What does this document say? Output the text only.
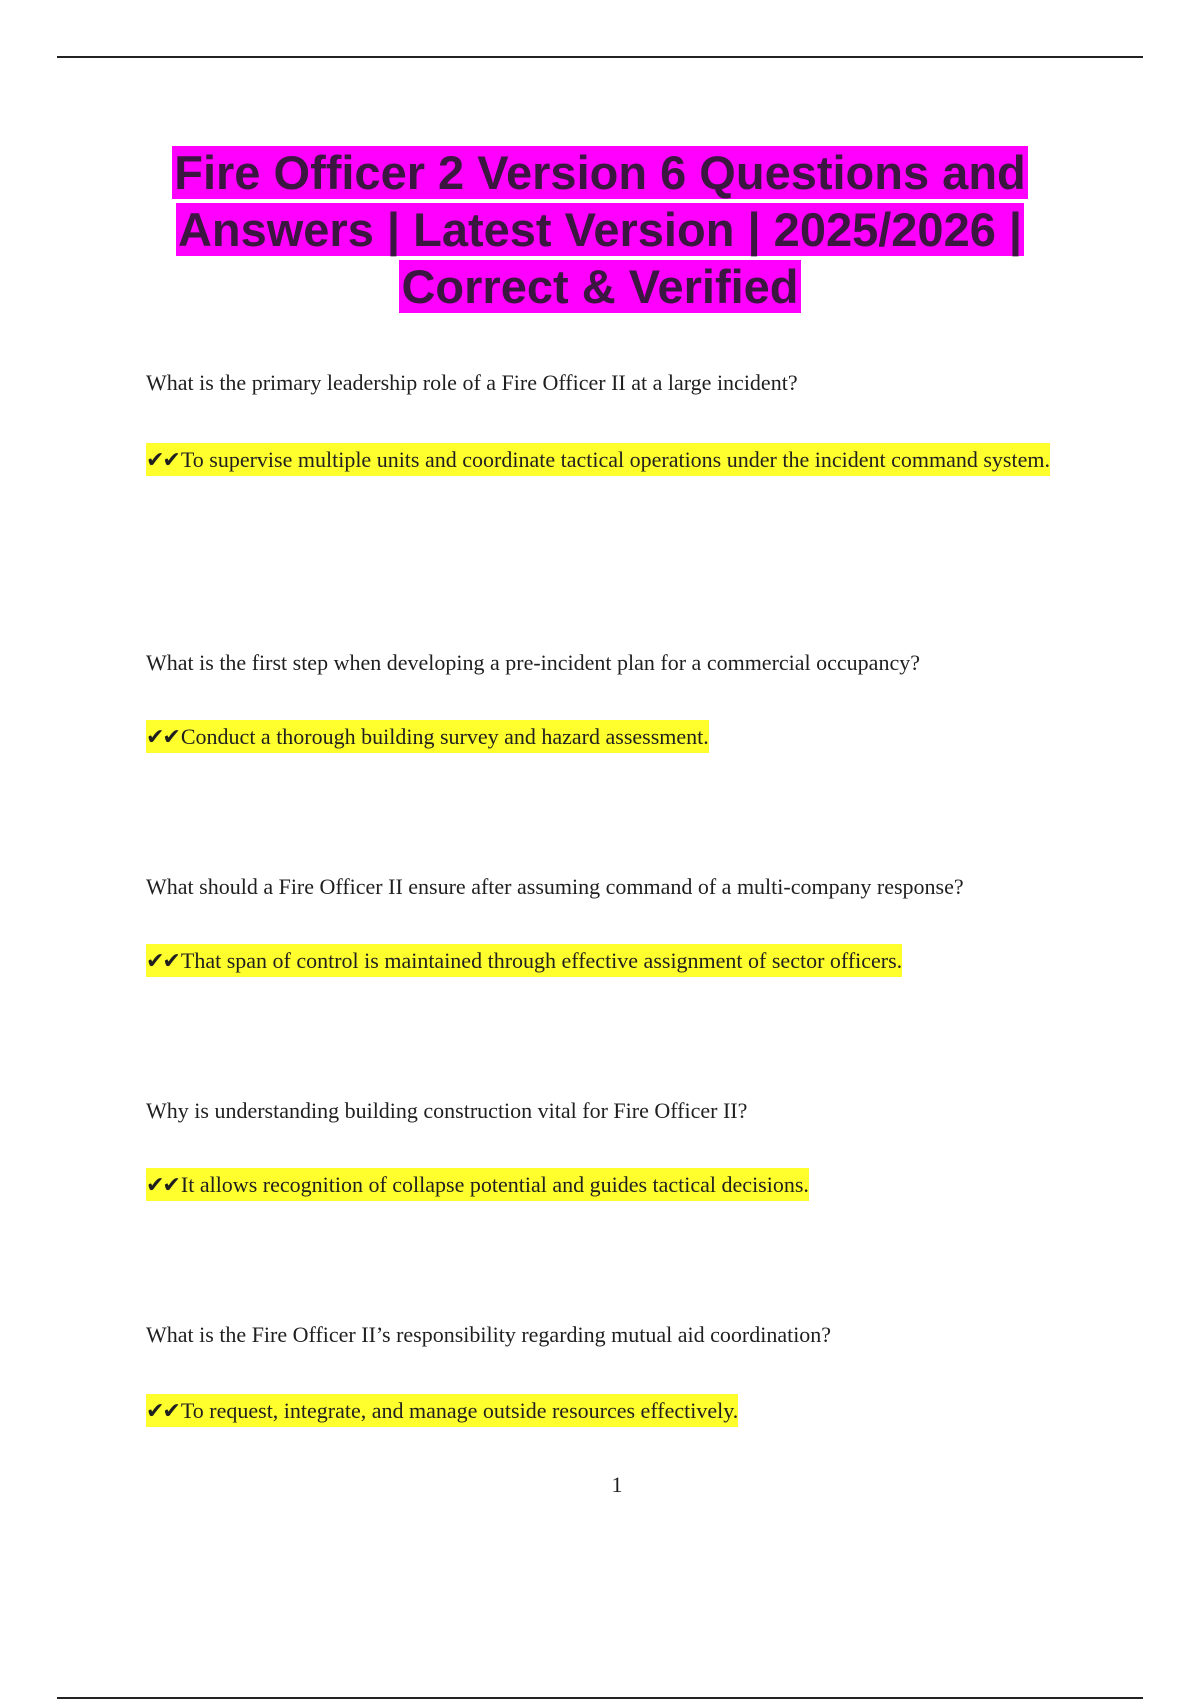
Fire Officer 2 Version 6 Questions and Answers | Latest Version | 2025/2026 | Correct & Verified
What is the primary leadership role of a Fire Officer II at a large incident?
✔✔To supervise multiple units and coordinate tactical operations under the incident command system.
What is the first step when developing a pre-incident plan for a commercial occupancy?
✔✔Conduct a thorough building survey and hazard assessment.
What should a Fire Officer II ensure after assuming command of a multi-company response?
✔✔That span of control is maintained through effective assignment of sector officers.
Why is understanding building construction vital for Fire Officer II?
✔✔It allows recognition of collapse potential and guides tactical decisions.
What is the Fire Officer II’s responsibility regarding mutual aid coordination?
✔✔To request, integrate, and manage outside resources effectively.
1
